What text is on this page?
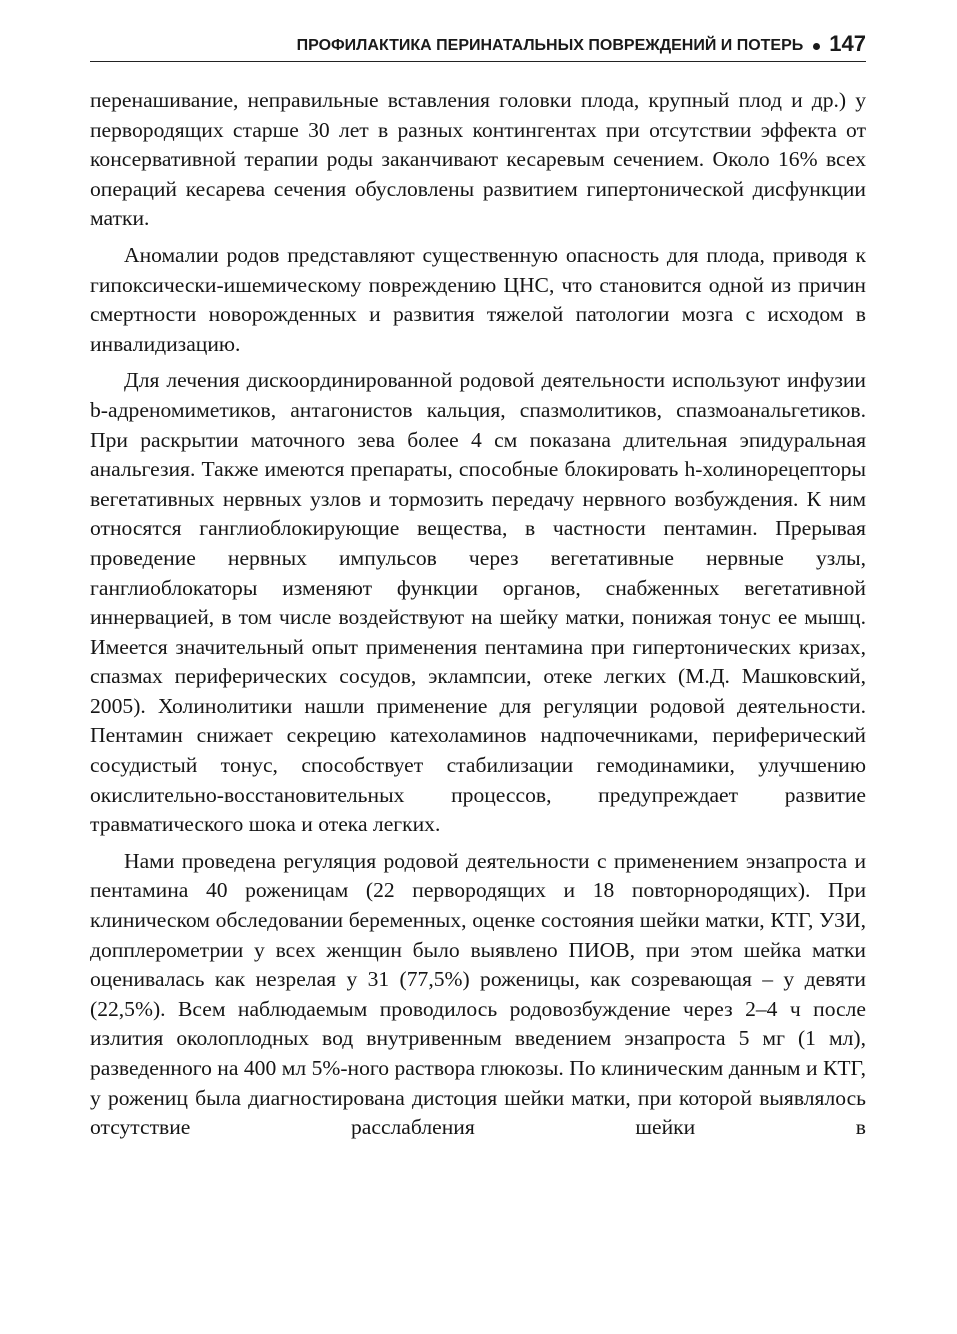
ПРОФИЛАКТИКА ПЕРИНАТАЛЬНЫХ ПОВРЕЖДЕНИЙ И ПОТЕРЬ 147

перенашивание, неправильные вставления головки плода, крупный плод и др.) у первородящих старше 30 лет в разных контингентах при отсутствии эффекта от консервативной терапии роды заканчивают кесаревым сечением. Около 16% всех операций кесарева сечения обусловлены развитием гипертонической дисфункции матки.

Аномалии родов представляют существенную опасность для плода, приводя к гипоксически-ишемическому повреждению ЦНС, что становится одной из причин смертности новорожденных и развития тяжелой патологии мозга с исходом в инвалидизацию.

Для лечения дискоординированной родовой деятельности используют инфузии b-адреномиметиков, антагонистов кальция, спазмолитиков, спазмоанальгетиков. При раскрытии маточного зева более 4 см показана длительная эпидуральная анальгезия. Также имеются препараты, способные блокировать h-холинорецепторы вегетативных нервных узлов и тормозить передачу нервного возбуждения. К ним относятся ганглиоблокирующие вещества, в частности пентамин. Прерывая проведение нервных импульсов через вегетативные нервные узлы, ганглиоблокаторы изменяют функции органов, снабженных вегетативной иннервацией, в том числе воздействуют на шейку матки, понижая тонус ее мышц. Имеется значительный опыт применения пентамина при гипертонических кризах, спазмах периферических сосудов, эклампсии, отеке легких (М.Д. Машковский, 2005). Холинолитики нашли применение для регуляции родовой деятельности. Пентамин снижает секрецию катехоламинов надпочечниками, периферический сосудистый тонус, способствует стабилизации гемодинамики, улучшению окислительно-восстановительных процессов, предупреждает развитие травматического шока и отека легких.

Нами проведена регуляция родовой деятельности с применением энзапроста и пентамина 40 роженицам (22 первородящих и 18 повторнородящих). При клиническом обследовании беременных, оценке состояния шейки матки, КТГ, УЗИ, допплерометрии у всех женщин было выявлено ПИОВ, при этом шейка матки оценивалась как незрелая у 31 (77,5%) роженицы, как созревающая – у девяти (22,5%). Всем наблюдаемым проводилось родовозбуждение через 2–4 ч после излития околоплодных вод внутривенным введением энзапроста 5 мг (1 мл), разведенного на 400 мл 5%-ного раствора глюкозы. По клиническим данным и КТГ, у рожениц была диагностирована дистоция шейки матки, при которой выявлялось отсутствие расслабления шейки в
